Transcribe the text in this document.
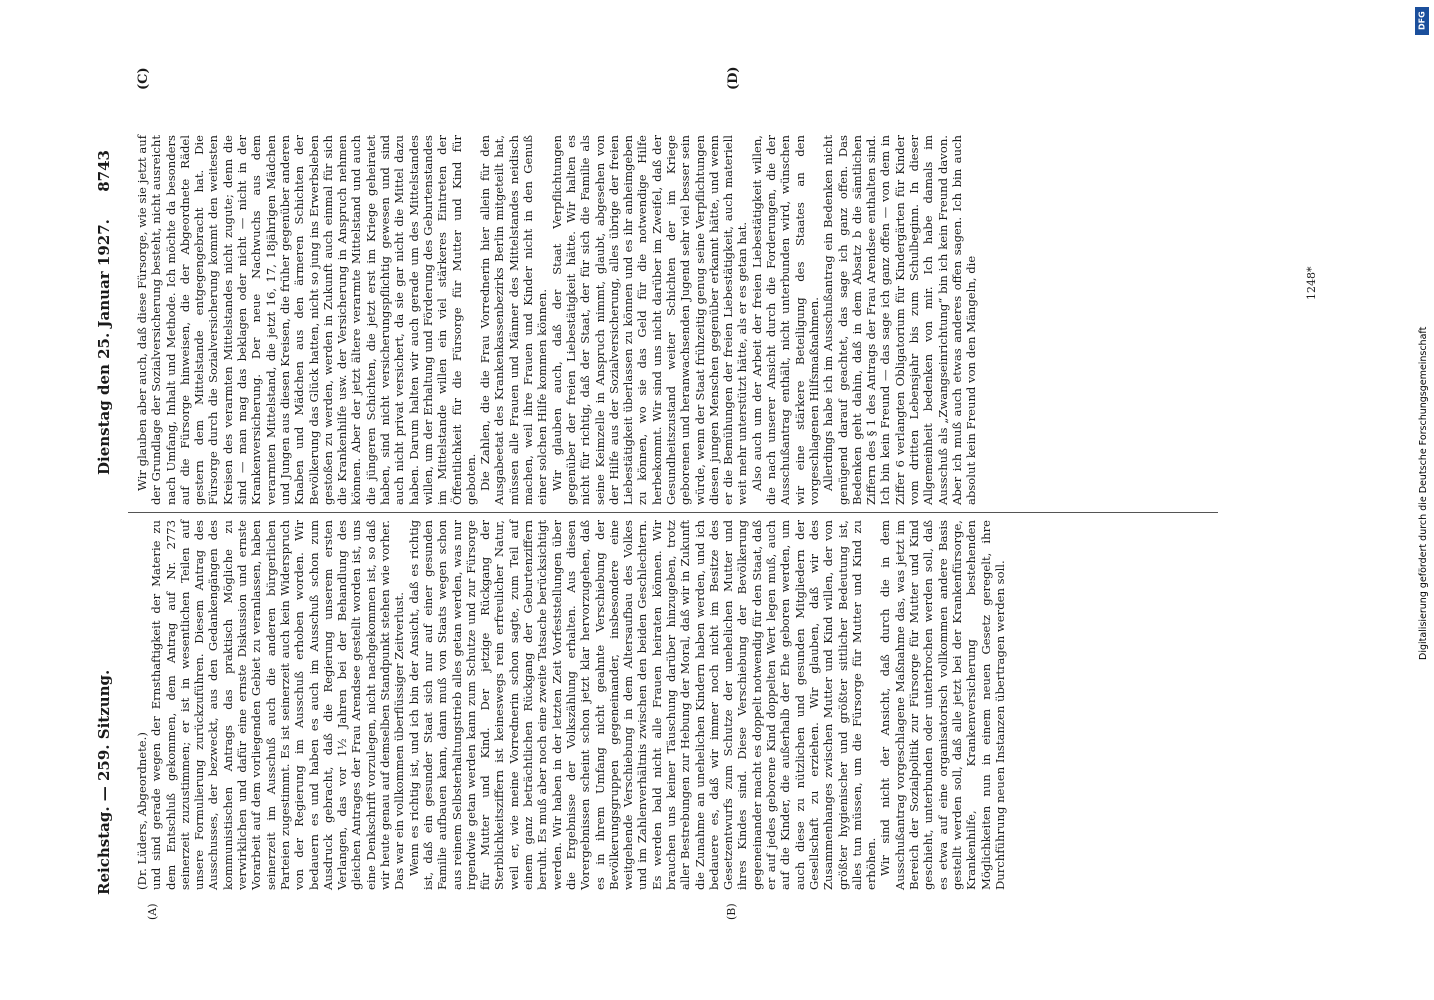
Reichstag. — 259. Sitzung.
Dienstag den 25. Januar 1927.
8743
(A)	(B)
(C)	(D)

(Dr. Lüders, Abgeordnete.) und sind gerade wegen der Ernsthaftigkeit der Materie zu dem Entschluß gekommen, dem Antrag auf Nr. 2773 seinerzeit zuzustimmen; er ist in wesentlichen Teilen auf unsere Formulierung zurückzuführen. Diesem Antrag des Ausschusses, der bezweckt, aus den Gedankengängen des kommunistischen Antrags das praktisch Mögliche zu verwirklichen und dafür eine ernste Diskussion und ernste Vorarbeit auf dem vorliegenden Gebiet zu veranlassen, haben seinerzeit im Ausschuß auch die anderen bürgerlichen Parteien zugestimmt. Es ist seinerzeit auch kein Widerspruch von der Regierung im Ausschuß erhoben worden. Wir bedauern es und haben es auch im Ausschuß schon zum Ausdruck gebracht, daß die Regierung unserem ersten Verlangen, das vor 1½ Jahren bei der Behandlung des gleichen Antrages der Frau Arendsee gestellt worden ist, uns eine Denkschrift vorzulegen, nicht nachgekommen ist, so daß wir heute genau auf demselben Standpunkt stehen wie vorher. Das war ein vollkommen überflüssiger Zeitverlust. Wenn es richtig ist, und ich bin der Ansicht, daß es richtig ist, daß ein gesunder Staat sich nur auf einer gesunden Familie aufbauen kann, dann muß von Staats wegen schon aus reinem Selbsterhaltungstrieb alles getan werden, was nur irgendwie getan werden kann zum Schutze und zur Fürsorge für Mutter und Kind. Der jetzige Rückgang der Sterblichkeitsziffern ist keineswegs rein erfreulicher Natur, weil er, wie meine Vorrednerin schon sagte, zum Teil auf einem ganz beträchtlichen Rückgang der Geburtenziffern beruht. Es muß aber noch eine zweite Tatsache berücksichtigt werden. Wir haben in der letzten Zeit Vorfeststellungen über die Ergebnisse der Volkszählung erhalten. Aus diesen Vorergebnissen scheint schon jetzt klar hervorzugehen, daß es in ihrem Umfang nicht geahnte Verschiebung der Bevölkerungsgruppen gegeneinander, insbesondere eine weitgehende Verschiebung in dem Altersaufbau des Volkes und im Zahlenverhältnis zwischen den beiden Geschlechtern. Es werden bald nicht alle Frauen heiraten können. Wir brauchen uns keiner Täuschung darüber hinzugeben, trotz aller Bestrebungen zur Hebung der Moral, daß wir in Zukunft die Zunahme an unehelichen Kindern haben werden, und ich bedauere es, daß wir immer noch nicht im Besitze des Gesetzentwurfs zum Schutze der unehelichen Mutter und ihres Kindes sind. Diese Verschiebung der Bevölkerung gegeneinander macht es doppelt notwendig für den Staat, daß er auf jedes geborene Kind doppelten Wert legen muß, auch auf die Kinder, die außerhalb der Ehe geboren werden, um auch diese zu nützlichen und gesunden Mitgliedern der Gesellschaft zu erziehen. Wir glauben, daß wir des Zusammenhanges zwischen Mutter und Kind willen, der von größter hygienischer und größter sittlicher Bedeutung ist, alles tun müssen, um die Fürsorge für Mutter und Kind zu erhöhen. Wir sind nicht der Ansicht, daß durch die in dem Ausschußantrag vorgeschlagene Maßnahme das, was jetzt im Bereich der Sozialpolitik zur Fürsorge für Mutter und Kind geschieht, unterbunden oder unterbrochen werden soll, daß es etwa auf eine organisatorisch vollkommen andere Basis gestellt werden soll, daß alle jetzt bei der Krankenfürsorge, Krankenhilfe, Krankenversicherung bestehenden Möglichkeiten nun in einem neuen Gesetz geregelt, ihre Durchführung neuen Instanzen übertragen werden soll.

Wir glauben aber auch, daß diese Fürsorge, wie sie jetzt auf der Grundlage der Sozialversicherung besteht, nicht ausreicht nach Umfang, Inhalt und Methode. Ich möchte da besonders auf die Fürsorge hinweisen, die der Abgeordnete Rädel gestern dem Mittelstande entgegengebracht hat. Die Fürsorge durch die Sozialversicherung kommt den weitesten Kreisen des verarmten Mittelstandes nicht zugute; denn die sind — man mag das beklagen oder nicht — nicht in der Krankenversicherung. Der neue Nachwuchs aus dem verarmten Mittelstand, die jetzt 16, 17, 18jährigen Mädchen und Jungen aus diesen Kreisen, die früher gegenüber anderen Knaben und Mädchen aus den ärmeren Schichten der Bevölkerung das Glück hatten, nicht so jung ins Erwerbsleben gestoßen zu werden, werden in Zukunft auch einmal für sich die Krankenhilfe usw. der Versicherung in Anspruch nehmen können. Aber der jetzt ältere verarmte Mittelstand und auch die jüngeren Schichten, die jetzt erst im Kriege geheiratet haben, sind nicht versicherungspflichtig gewesen und sind auch nicht privat versichert, da sie gar nicht die Mittel dazu haben. Darum halten wir auch gerade um des Mittelstandes willen, um der Erhaltung und Förderung des Geburtenstandes im Mittelstande willen ein viel stärkeres Eintreten der Öffentlichkeit für die Fürsorge für Mutter und Kind für geboten. Die Zahlen, die die Frau Vorrednerin hier allein für den Ausgabeetat des Krankenkassenbezirks Berlin mitgeteilt hat, müssen alle Frauen und Männer des Mittelstandes neidisch machen, weil ihre Frauen und Kinder nicht in den Genuß einer solchen Hilfe kommen können. Wir glauben auch, daß der Staat Verpflichtungen gegenüber der freien Liebestätigkeit hätte. Wir halten es nicht für richtig, daß der Staat, der für sich die Familie als seine Keimzelle in Anspruch nimmt, glaubt, abgesehen von der Hilfe aus der Sozialversicherung, alles übrige der freien Liebestätigkeit überlassen zu können und es ihr anheimgeben zu können, wo sie das Geld für die notwendige Hilfe herbekommt. Wir sind uns nicht darüber im Zweifel, daß der Gesundheitszustand weiter Schichten der im Kriege geborenen und heranwachsenden Jugend sehr viel besser sein würde, wenn der Staat frühzeitig genug seine Verpflichtungen diesen jungen Menschen gegenüber erkannt hätte, und wenn er die Bemühungen der freien Liebestätigkeit, auch materiell weit mehr unterstützt hätte, als er es getan hat. Also auch um der Arbeit der freien Liebestätigkeit willen, die nach unserer Ansicht durch die Forderungen, die der Ausschußantrag enthält, nicht unterbunden wird, wünschen wir eine stärkere Beteiligung des Staates an den vorgeschlagenen Hilfsmaßnahmen. Allerdings habe ich im Ausschußantrag ein Bedenken nicht genügend darauf geachtet, das sage ich ganz offen. Das Bedenken geht dahin, daß in dem Absatz b die sämtlichen Ziffern des § 1 des Antrags der Frau Arendsee enthalten sind. Ich bin kein Freund — das sage ich ganz offen — von dem in Ziffer 6 verlangten Obligatorium für Kindergärten für Kinder vom dritten Lebensjahr bis zum Schulbeginn. In dieser Allgemeinheit bedenken von mir. Ich habe damals im Ausschuß als „Zwangseinrichtung“ bin ich kein Freund davon. Aber ich muß auch etwas anderes offen sagen. Ich bin auch absolut kein Freund von den Mängeln, die	1248*
DFG
Digitalisierung gefördert durch die Deutsche Forschungsgemeinschaft
